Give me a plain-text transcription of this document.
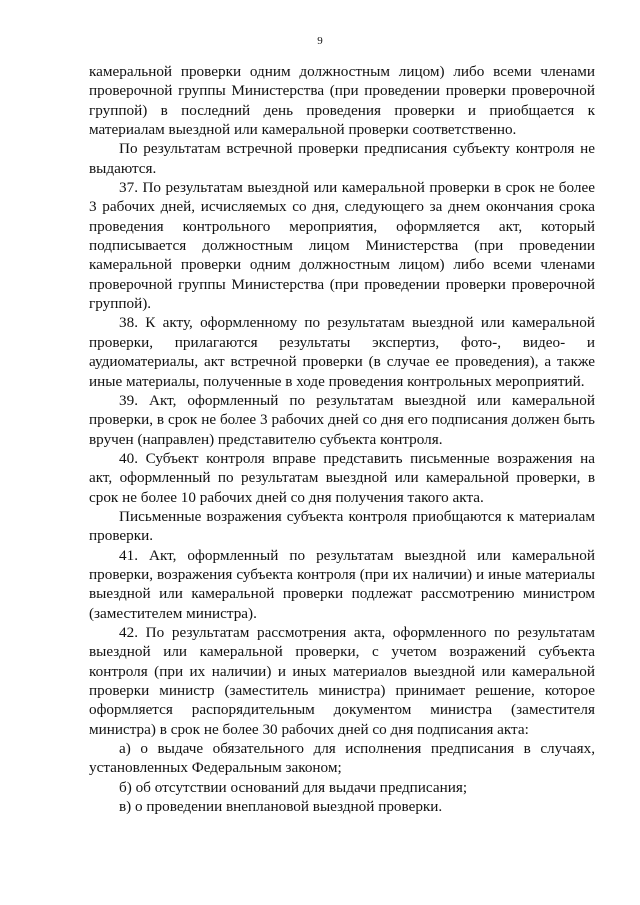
9

камеральной проверки одним должностным лицом) либо всеми членами проверочной группы Министерства (при проведении проверки проверочной группой) в последний день проведения проверки и приобщается к материалам выездной или камеральной проверки соответственно.

По результатам встречной проверки предписания субъекту контроля не выдаются.

37. По результатам выездной или камеральной проверки в срок не более 3 рабочих дней, исчисляемых со дня, следующего за днем окончания срока проведения контрольного мероприятия, оформляется акт, который подписывается должностным лицом Министерства (при проведении камеральной проверки одним должностным лицом) либо всеми членами проверочной группы Министерства (при проведении проверки проверочной группой).

38. К акту, оформленному по результатам выездной или камеральной проверки, прилагаются результаты экспертиз, фото-, видео- и аудиоматериалы, акт встречной проверки (в случае ее проведения), а также иные материалы, полученные в ходе проведения контрольных мероприятий.

39. Акт, оформленный по результатам выездной или камеральной проверки, в срок не более 3 рабочих дней со дня его подписания должен быть вручен (направлен) представителю субъекта контроля.

40. Субъект контроля вправе представить письменные возражения на акт, оформленный по результатам выездной или камеральной проверки, в срок не более 10 рабочих дней со дня получения такого акта.

Письменные возражения субъекта контроля приобщаются к материалам проверки.

41. Акт, оформленный по результатам выездной или камеральной проверки, возражения субъекта контроля (при их наличии) и иные материалы выездной или камеральной проверки подлежат рассмотрению министром (заместителем министра).

42. По результатам рассмотрения акта, оформленного по результатам выездной или камеральной проверки, с учетом возражений субъекта контроля (при их наличии) и иных материалов выездной или камеральной проверки министр (заместитель министра) принимает решение, которое оформляется распорядительным документом министра (заместителя министра) в срок не более 30 рабочих дней со дня подписания акта:

а) о выдаче обязательного для исполнения предписания в случаях, установленных Федеральным законом;

б) об отсутствии оснований для выдачи предписания;

в) о проведении внеплановой выездной проверки.
